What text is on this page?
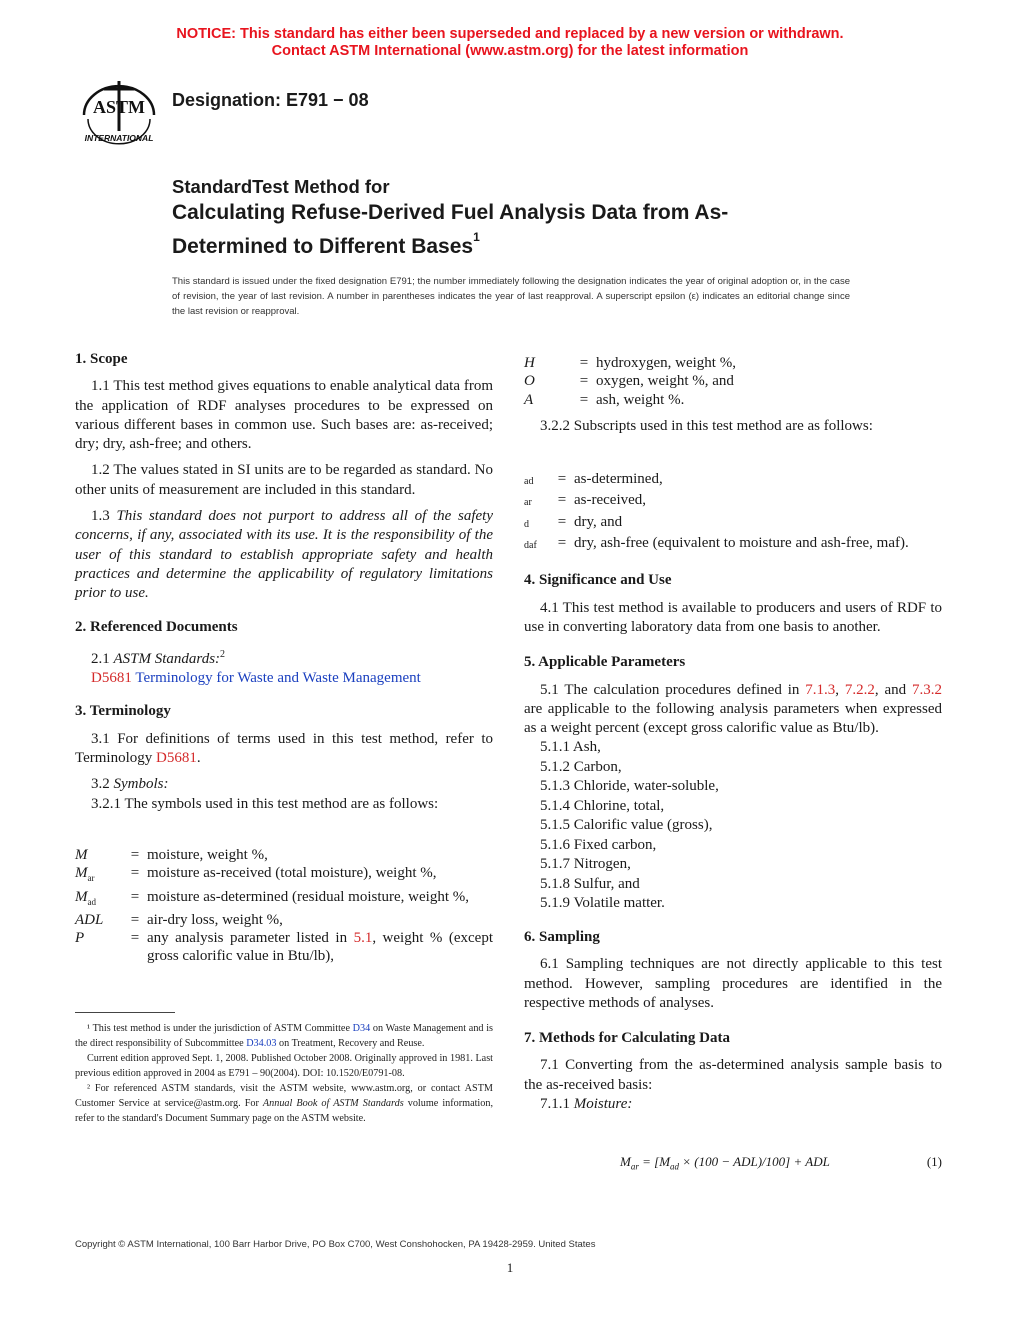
NOTICE: This standard has either been superseded and replaced by a new version or withdrawn.
Contact ASTM International (www.astm.org) for the latest information
ASTM
INTERNATIONAL
Designation: E791 − 08
StandardTest Method for
Calculating Refuse-Derived Fuel Analysis Data from As-
Determined to Different Bases$^1$
This standard is issued under the fixed designation E791; the number immediately following the designation indicates the year of original adoption or, in the case of revision, the year of last revision. A number in parentheses indicates the year of last reapproval. A superscript epsilon (ε) indicates an editorial change since the last revision or reapproval.
1. Scope

1.1 This test method gives equations to enable analytical data from the application of RDF analyses procedures to be expressed on various different bases in common use. Such bases are: as-received; dry; dry, ash-free; and others.

1.2 The values stated in SI units are to be regarded as standard. No other units of measurement are included in this standard.

1.3 This standard does not purport to address all of the safety concerns, if any, associated with its use. It is the responsibility of the user of this standard to establish appropriate safety and health practices and determine the applicability of regulatory limitations prior to use.

2. Referenced Documents
2.1 ASTM Standards:$^2$
D5681 Terminology for Waste and Waste Management
3. Terminology

3.1 For definitions of terms used in this test method, refer to Terminology D5681.

3.2 Symbols:
3.2.1 The symbols used in this test method are as follows:
M	=	moisture, weight %,
$M_{ar}$	=	moisture as-received (total moisture), weight %,
$M_{ad}$	=	moisture as-determined (residual moisture, weight %,
ADL	=	air-dry loss, weight %,
P	=	any analysis parameter listed in 5.1, weight % (except gross calorific value in Btu/lb),
¹ This test method is under the jurisdiction of ASTM Committee D34 on Waste Management and is the direct responsibility of Subcommittee D34.03 on Treatment, Recovery and Reuse.
Current edition approved Sept. 1, 2008. Published October 2008. Originally approved in 1981. Last previous edition approved in 2004 as E791 – 90(2004). DOI: 10.1520/E0791-08.
² For referenced ASTM standards, visit the ASTM website, www.astm.org, or contact ASTM Customer Service at service@astm.org. For Annual Book of ASTM Standards volume information, refer to the standard's Document Summary page on the ASTM website.
H	=	hydroxygen, weight %,
O	=	oxygen, weight %, and
A	=	ash, weight %.
3.2.2 Subscripts used in this test method are as follows:
ad	=	as-determined,
ar	=	as-received,
d	=	dry, and
daf	=	dry, ash-free (equivalent to moisture and ash-free, maf).
4. Significance and Use

4.1 This test method is available to producers and users of RDF to use in converting laboratory data from one basis to another.

5. Applicable Parameters

5.1 The calculation procedures defined in 7.1.3, 7.2.2, and 7.3.2 are applicable to the following analysis parameters when expressed as a weight percent (except gross calorific value as Btu/lb).

5.1.1 Ash,
5.1.2 Carbon,
5.1.3 Chloride, water-soluble,
5.1.4 Chlorine, total,
5.1.5 Calorific value (gross),
5.1.6 Fixed carbon,
5.1.7 Nitrogen,
5.1.8 Sulfur, and
5.1.9 Volatile matter.
6. Sampling

6.1 Sampling techniques are not directly applicable to this test method. However, sampling procedures are identified in the respective methods of analyses.

7. Methods for Calculating Data

7.1 Converting from the as-determined analysis sample basis to the as-received basis:

7.1.1 Moisture:
$M_{ar} = [M_{ad} \times (100 - ADL)/100]$ + ADL	(1)
Copyright © ASTM International, 100 Barr Harbor Drive, PO Box C700, West Conshohocken, PA 19428-2959. United States
1
